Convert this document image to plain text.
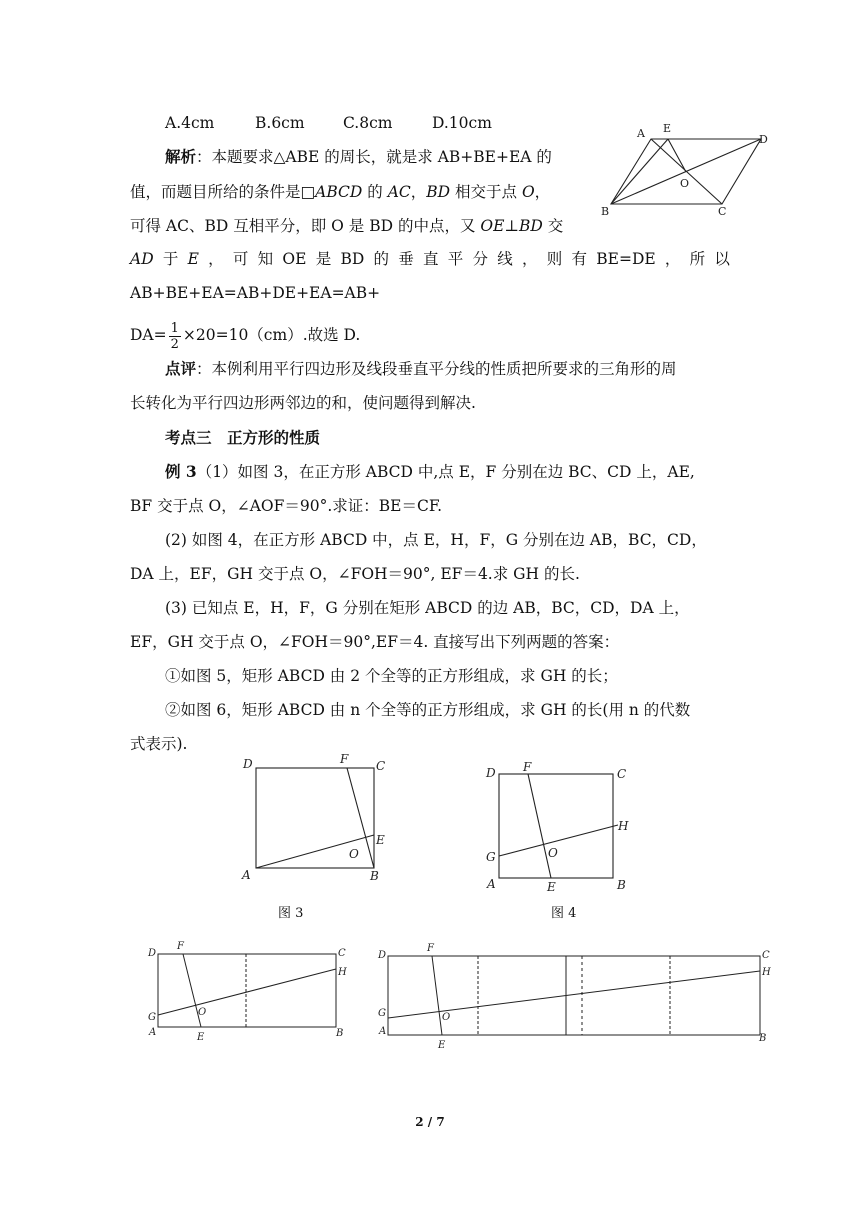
A.4cm	B.6cm C.8cm	D.10cm
A E
D
O
B	C
解析：本题要求△ABE 的周长，就是求 AB+BE+EA 的
值，而题目所给的条件是□ABCD 的 AC，BD 相交于点 O，
可得 AC、BD 互相平分，即 O 是 BD 的中点，又 OE⊥BD 交
AD 于 E ， 可 知 OE 是 BD 的 垂 直 平 分 线 ， 则 有 BE=DE ， 所 以
AB+BE+EA=AB+DE+EA=AB+
$DA= \frac{1}{2} \times 20=10(cm)$.故选 D.
点评：本例利用平行四边形及线段垂直平分线的性质把所要求的三角形的周
长转化为平行四边形两邻边的和，使问题得到解决.
考点三　正方形的性质
例 3（1）如图 3，在正方形 ABCD 中,点 E，F 分别在边 BC、CD 上，AE,
BF 交于点 O，∠AOF＝90°.求证：BE＝CF.
(2) 如图 4，在正方形 ABCD 中，点 E，H，F，G 分别在边 AB，BC，CD，
DA 上，EF，GH 交于点 O，∠FOH＝90°, EF＝4.求 GH 的长.
(3) 已知点 E，H，F，G 分别在矩形 ABCD 的边 AB，BC，CD，DA 上，
EF，GH 交于点 O，∠FOH＝90°,EF＝4. 直接写出下列两题的答案：
①如图 5，矩形 ABCD 由 2 个全等的正方形组成，求 GH 的长；
②如图 6，矩形 ABCD 由 n 个全等的正方形组成，求 GH 的长(用 n 的代数
式表示).
D	F C
E
O
A	B
图 3
D F	C
H
G	O
A	E	B
图 4
D
F
C
H
G	O
A	E	B
D
F
C
H
G	O
A
E
B
2 / 7
